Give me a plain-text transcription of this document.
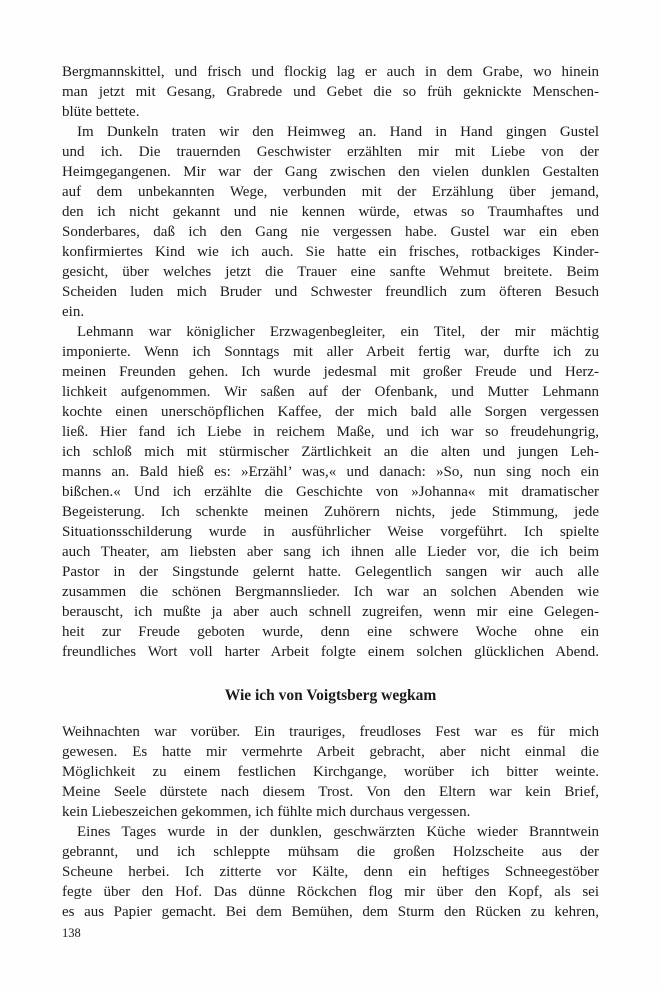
Bergmannskittel, und frisch und flockig lag er auch in dem Grabe, wo hinein
man jetzt mit Gesang, Grabrede und Gebet die so früh geknickte Menschen-
blüte bettete.
Im Dunkeln traten wir den Heimweg an. Hand in Hand gingen Gustel
und ich. Die trauernden Geschwister erzählten mir mit Liebe von der
Heimgegangenen. Mir war der Gang zwischen den vielen dunklen Gestalten
auf dem unbekannten Wege, verbunden mit der Erzählung über jemand,
den ich nicht gekannt und nie kennen würde, etwas so Traumhaftes und
Sonderbares, daß ich den Gang nie vergessen habe. Gustel war ein eben
konfirmiertes Kind wie ich auch. Sie hatte ein frisches, rotbackiges Kinder-
gesicht, über welches jetzt die Trauer eine sanfte Wehmut breitete. Beim
Scheiden luden mich Bruder und Schwester freundlich zum öfteren Besuch
ein.
Lehmann war königlicher Erzwagenbegleiter, ein Titel, der mir mächtig
imponierte. Wenn ich Sonntags mit aller Arbeit fertig war, durfte ich zu
meinen Freunden gehen. Ich wurde jedesmal mit großer Freude und Herz-
lichkeit aufgenommen. Wir saßen auf der Ofenbank, und Mutter Lehmann
kochte einen unerschöpflichen Kaffee, der mich bald alle Sorgen vergessen
ließ. Hier fand ich Liebe in reichem Maße, und ich war so freudehungrig,
ich schloß mich mit stürmischer Zärtlichkeit an die alten und jungen Leh-
manns an. Bald hieß es: »Erzähl’ was,« und danach: »So, nun sing noch ein
bißchen.« Und ich erzählte die Geschichte von »Johanna« mit dramatischer
Begeisterung. Ich schenkte meinen Zuhörern nichts, jede Stimmung, jede
Situationsschilderung wurde in ausführlicher Weise vorgeführt. Ich spielte
auch Theater, am liebsten aber sang ich ihnen alle Lieder vor, die ich beim
Pastor in der Singstunde gelernt hatte. Gelegentlich sangen wir auch alle
zusammen die schönen Bergmannslieder. Ich war an solchen Abenden wie
berauscht, ich mußte ja aber auch schnell zugreifen, wenn mir eine Gelegen-
heit zur Freude geboten wurde, denn eine schwere Woche ohne ein
freundliches Wort voll harter Arbeit folgte einem solchen glücklichen Abend.
Wie ich von Voigtsberg wegkam
Weihnachten war vorüber. Ein trauriges, freudloses Fest war es für mich
gewesen. Es hatte mir vermehrte Arbeit gebracht, aber nicht einmal die
Möglichkeit zu einem festlichen Kirchgange, worüber ich bitter weinte.
Meine Seele dürstete nach diesem Trost. Von den Eltern war kein Brief,
kein Liebeszeichen gekommen, ich fühlte mich durchaus vergessen.
Eines Tages wurde in der dunklen, geschwärzten Küche wieder Branntwein
gebrannt, und ich schleppte mühsam die großen Holzscheite aus der
Scheune herbei. Ich zitterte vor Kälte, denn ein heftiges Schneegestöber
fegte über den Hof. Das dünne Röckchen flog mir über den Kopf, als sei
es aus Papier gemacht. Bei dem Bemühen, dem Sturm den Rücken zu kehren,
138
